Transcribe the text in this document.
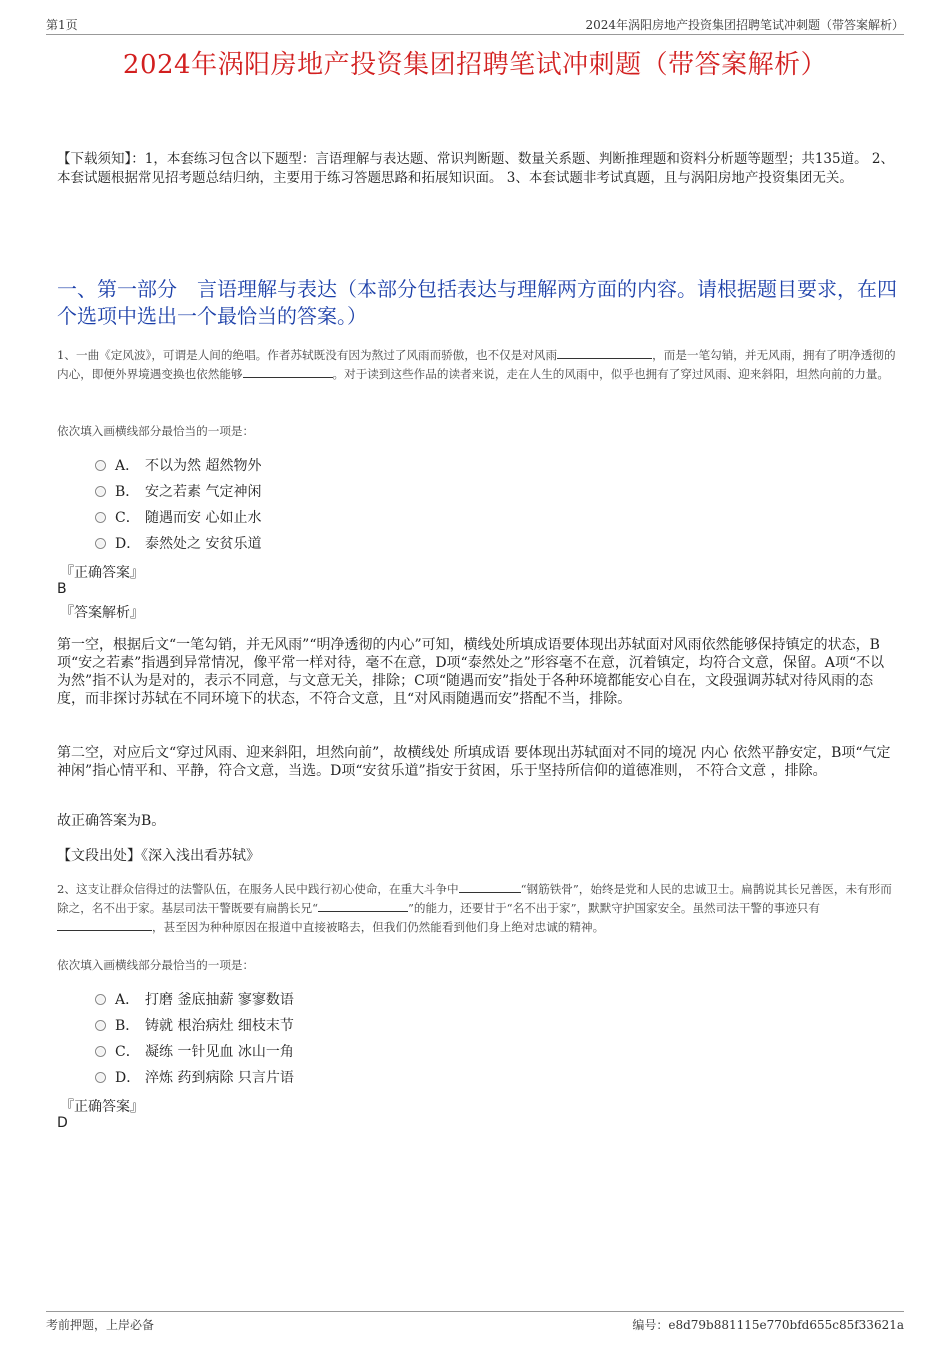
第1页	2024年涡阳房地产投资集团招聘笔试冲刺题（带答案解析）
2024年涡阳房地产投资集团招聘笔试冲刺题（带答案解析）
【下载须知】：1，本套练习包含以下题型：言语理解与表达题、常识判断题、数量关系题、判断推理题和资料分析题等题型；共135道。 2、本套试题根据常见招考题总结归纳，主要用于练习答题思路和拓展知识面。 3、本套试题非考试真题，且与涡阳房地产投资集团无关。
一、第一部分　言语理解与表达（本部分包括表达与理解两方面的内容。请根据题目要求，在四个选项中选出一个最恰当的答案。）
1、一曲《定风波》，可谓是人间的绝唱。作者苏轼既没有因为熬过了风雨而骄傲，也不仅是对风雨	，而是一笔勾销，并无风雨，拥有了明净透彻的内心，即便外界境遇变换也依然能够	。对于读到这些作品的读者来说，走在人生的风雨中，似乎也拥有了穿过风雨、迎来斜阳，坦然向前的力量。
依次填入画横线部分最恰当的一项是：
A． 不以为然 超然物外
B． 安之若素 气定神闲
C． 随遇而安 心如止水
D． 泰然处之 安贫乐道
『正确答案』
B
『答案解析』
第一空，根据后文“一笔勾销，并无风雨”“明净透彻的内心”可知，横线处所填成语要体现出苏轼面对风雨依然能够保持镇定的状态，B项“安之若素”指遇到异常情况，像平常一样对待，毫不在意，D项“泰然处之”形容毫不在意，沉着镇定，均符合文意，保留。A项“不以为然”指不认为是对的，表示不同意，与文意无关，排除；C项“随遇而安”指处于各种环境都能安心自在，文段强调苏轼对待风雨的态度，而非探讨苏轼在不同环境下的状态，不符合文意，且“对风雨随遇而安”搭配不当，排除。
第二空，对应后文“穿过风雨、迎来斜阳，坦然向前”，故横线处 所填成语 要体现出苏轼面对不同的境况 内心 依然平静安定，B项“气定神闲”指心情平和、平静，符合文意，当选。D项“安贫乐道”指安于贫困，乐于坚持所信仰的道德准则， 不符合文意 ，排除。
故正确答案为B。
【文段出处】《深入浅出看苏轼》
2、这支让群众信得过的法警队伍，在服务人民中践行初心使命，在重大斗争中	“钢筋铁骨”，始终是党和人民的忠诚卫士。扁鹊说其长兄善医，未有形而除之，名不出于家。基层司法干警既要有扁鹊长兄“	”的能力，还要甘于“名不出于家”，默默守护国家安全。虽然司法干警的事迹只有，甚至因为种种原因在报道中直接被略去，但我们仍然能看到他们身上绝对忠诚的精神。
依次填入画横线部分最恰当的一项是：
A． 打磨 釜底抽薪 寥寥数语
B． 铸就 根治病灶 细枝末节
C． 凝练 一针见血 冰山一角
D． 淬炼 药到病除 只言片语
『正确答案』
D
考前押题，上岸必备	编号：e8d79b881115e770bfd655c85f33621a
